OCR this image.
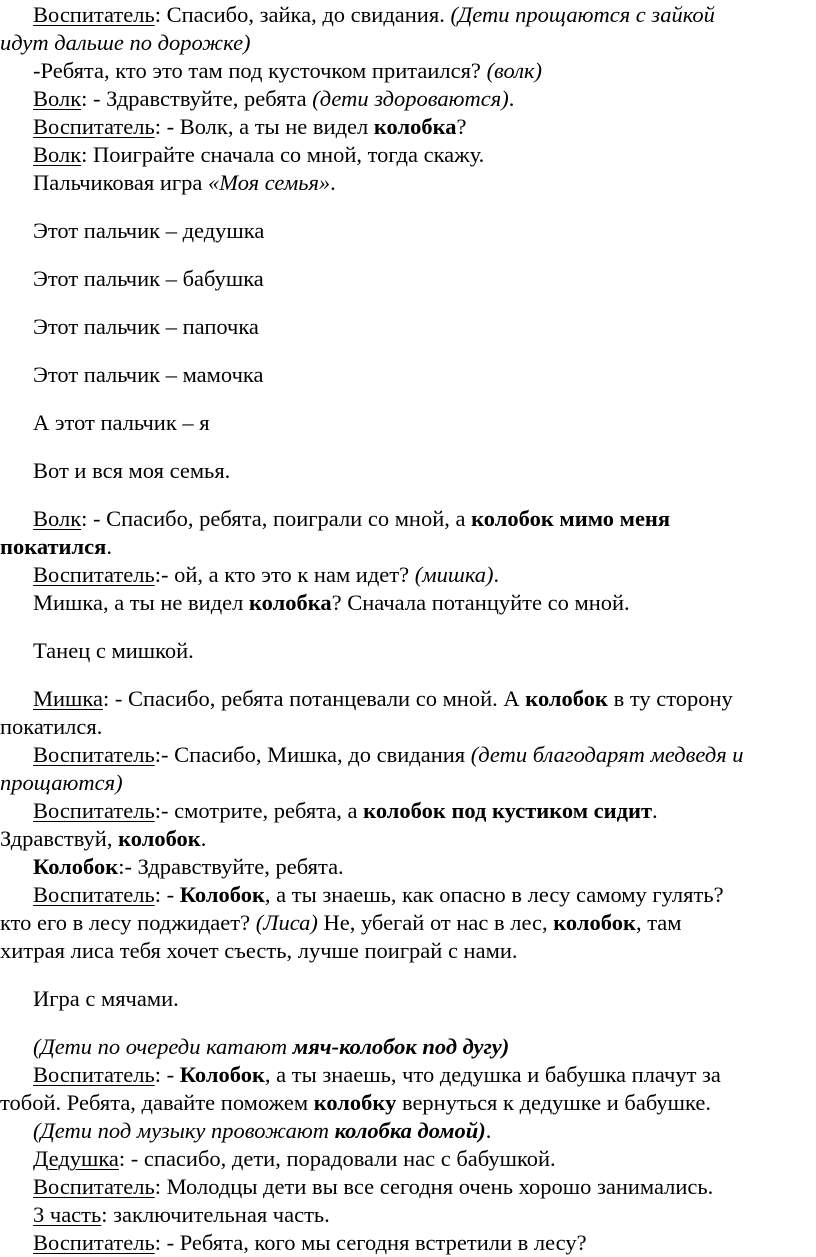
Воспитатель: Спасибо, зайка, до свидания. (Дети прощаются с зайкой
идут дальше по дорожке)
-Ребята, кто это там под кусточком притаился? (волк)
Волк: - Здравствуйте, ребята (дети здороваются).
Воспитатель: - Волк, а ты не видел колобка?
Волк: Поиграйте сначала со мной, тогда скажу.
Пальчиковая игра «Моя семья».
Этот пальчик – дедушка
Этот пальчик – бабушка
Этот пальчик – папочка
Этот пальчик – мамочка
А этот пальчик – я
Вот и вся моя семья.
Волк: - Спасибо, ребята, поиграли со мной, а колобок мимо меня
покатился.
Воспитатель:- ой, а кто это к нам идет? (мишка).
Мишка, а ты не видел колобка? Сначала потанцуйте со мной.
Танец с мишкой.
Мишка: - Спасибо, ребята потанцевали со мной. А колобок в ту сторону
покатился.
Воспитатель:- Спасибо, Мишка, до свидания (дети благодарят медведя и
прощаются)
Воспитатель:- смотрите, ребята, а колобок под кустиком сидит.
Здравствуй, колобок.
Колобок:- Здравствуйте, ребята.
Воспитатель: - Колобок, а ты знаешь, как опасно в лесу самому гулять?
кто его в лесу поджидает? (Лиса) Не, убегай от нас в лес, колобок, там
хитрая лиса тебя хочет съесть, лучше поиграй с нами.
Игра с мячами.
(Дети по очереди катают мяч-колобок под дугу)
Воспитатель: - Колобок, а ты знаешь, что дедушка и бабушка плачут за
тобой. Ребята, давайте поможем колобку вернуться к дедушке и бабушке.
(Дети под музыку провожают колобка домой).
Дедушка: - спасибо, дети, порадовали нас с бабушкой.
Воспитатель: Молодцы дети вы все сегодня очень хорошо занимались.
3 часть: заключительная часть.
Воспитатель: - Ребята, кого мы сегодня встретили в лесу?
